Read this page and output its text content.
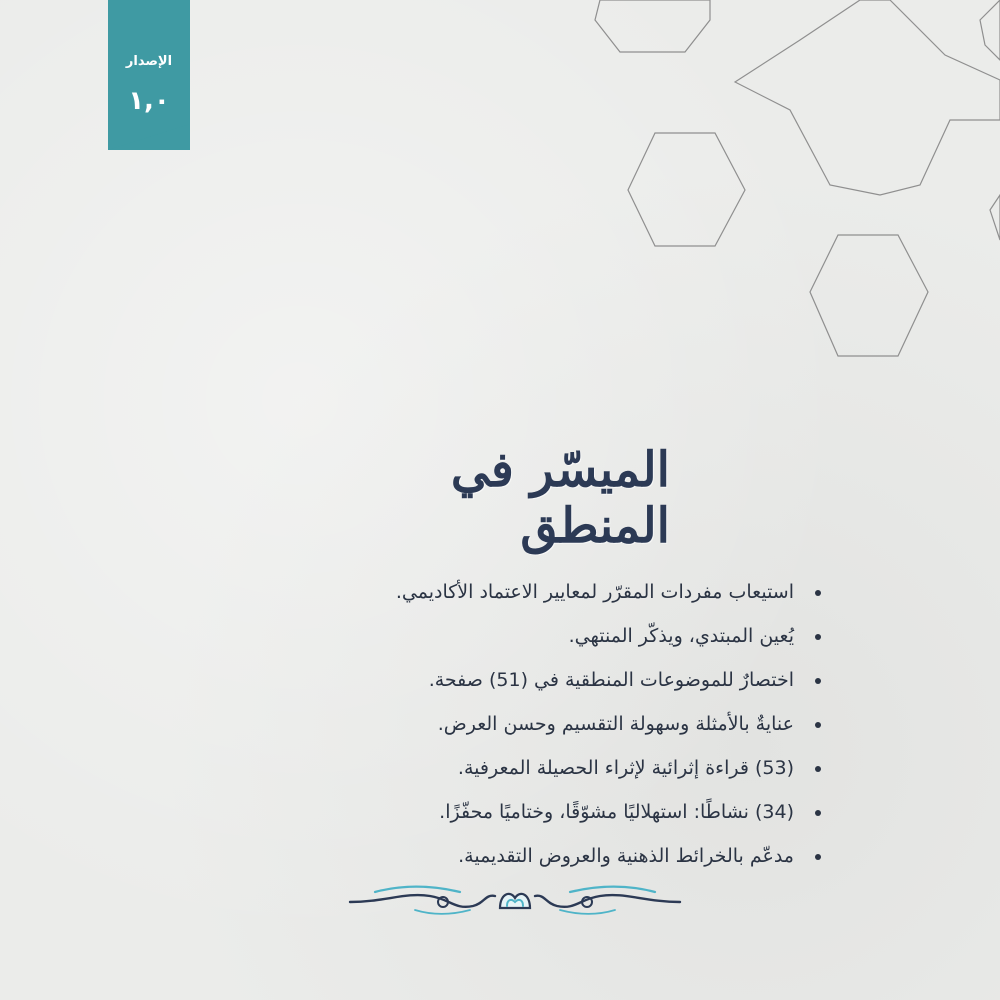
الإصدار
١,٠
الميسّر في المنطق
استيعاب مفردات المقرّر لمعايير الاعتماد الأكاديمي.
يُعين المبتدي، ويذكّر المنتهي.
اختصارٌ للموضوعات المنطقية في (51) صفحة.
عنايةٌ بالأمثلة وسهولة التقسيم وحسن العرض.
(53) قراءة إثرائية لإثراء الحصيلة المعرفية.
(34) نشاطًا: استهلاليًا مشوّقًا، وختاميًا محفّزًا.
مدعّم بالخرائط الذهنية والعروض التقديمية.
